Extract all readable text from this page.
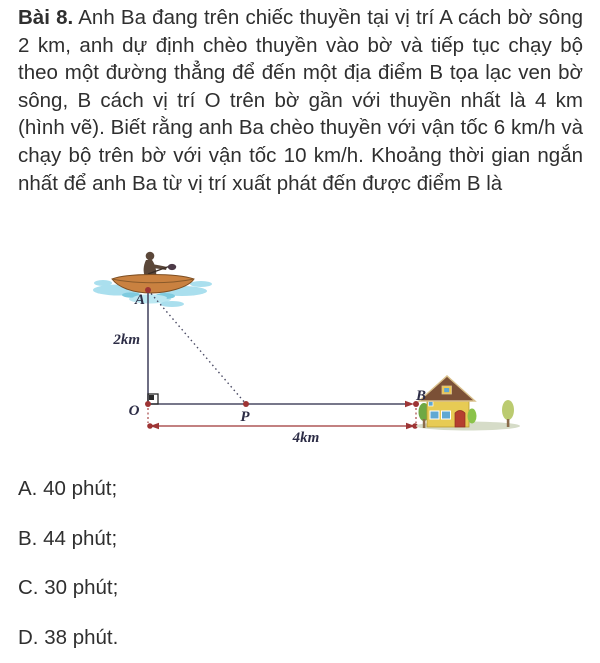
Bài 8. Anh Ba đang trên chiếc thuyền tại vị trí A cách bờ sông 2 km, anh dự định chèo thuyền vào bờ và tiếp tục chạy bộ theo một đường thẳng để đến một địa điểm B tọa lạc ven bờ sông, B cách vị trí O trên bờ gần với thuyền nhất là 4 km (hình vẽ). Biết rằng anh Ba chèo thuyền với vận tốc 6 km/h và chạy bộ trên bờ với vận tốc 10 km/h. Khoảng thời gian ngắn nhất để anh Ba từ vị trí xuất phát đến được điểm B là

A
O	P
B
2km
4km
A. 40 phút;
B. 44 phút;
C. 30 phút;
D. 38 phút.
